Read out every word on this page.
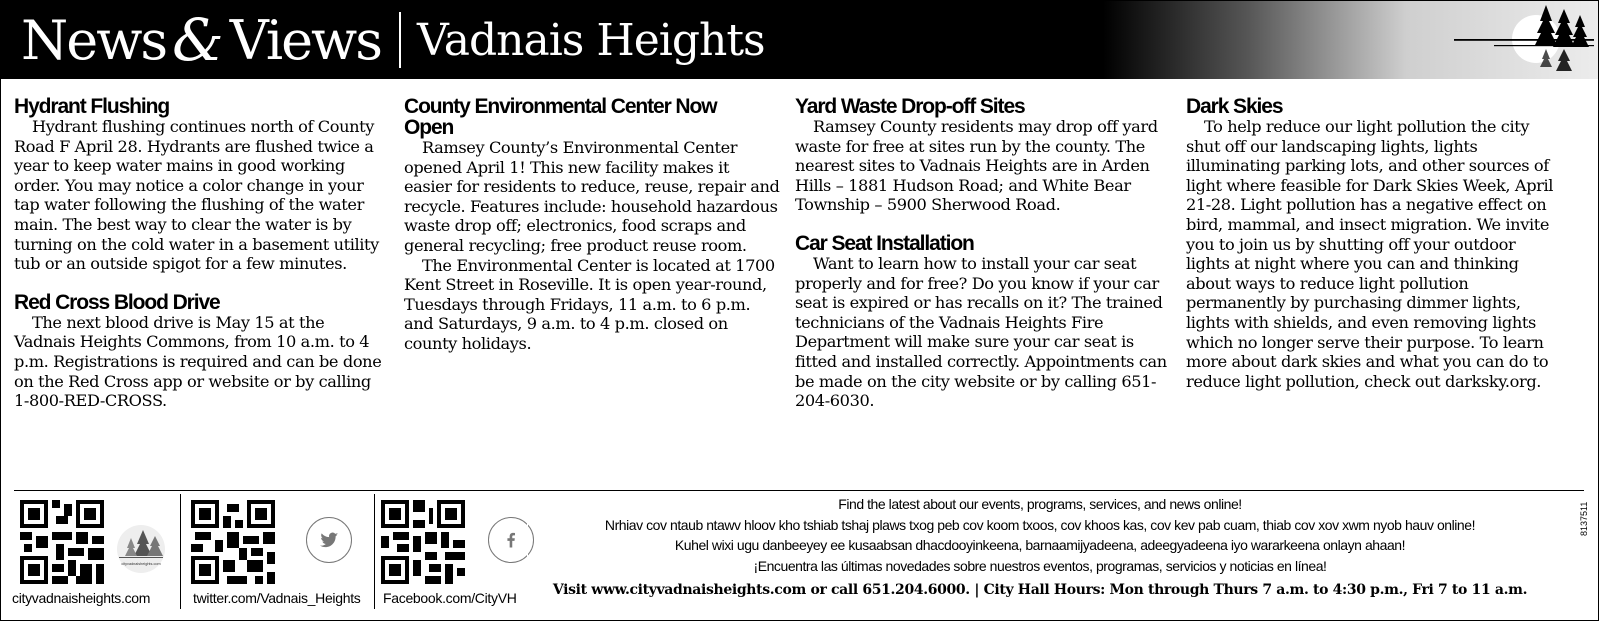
News & Views Vadnais Heights
Hydrant Flushing

Hydrant flushing continues north of County Road F April 28. Hydrants are flushed twice a year to keep water mains in good working order. You may notice a color change in your tap water following the flushing of the water main. The best way to clear the water is by turning on the cold water in a basement utility tub or an outside spigot for a few minutes.

Red Cross Blood Drive

The next blood drive is May 15 at the Vadnais Heights Commons, from 10 a.m. to 4 p.m. Registrations is required and can be done on the Red Cross app or website or by calling 1-800-RED-CROSS.

County Environmental Center Now Open

Ramsey County’s Environmental Center opened April 1! This new facility makes it easier for residents to reduce, reuse, repair and recycle. Features include: household hazardous waste drop off; electronics, food scraps and general recycling; free product reuse room.

The Environmental Center is located at 1700 Kent Street in Roseville. It is open year-round, Tuesdays through Fridays, 11 a.m. to 6 p.m. and Saturdays, 9 a.m. to 4 p.m. closed on county holidays.

Yard Waste Drop-off Sites

Ramsey County residents may drop off yard waste for free at sites run by the county. The nearest sites to Vadnais Heights are in Arden Hills – 1881 Hudson Road; and White Bear Township – 5900 Sherwood Road.

Car Seat Installation

Want to learn how to install your car seat properly and for free? Do you know if your car seat is expired or has recalls on it? The trained technicians of the Vadnais Heights Fire Department will make sure your car seat is fitted and installed correctly. Appointments can be made on the city website or by calling 651-204-6030.

Dark Skies

To help reduce our light pollution the city shut off our landscaping lights, lights illuminating parking lots, and other sources of light where feasible for Dark Skies Week, April 21-28. Light pollution has a negative effect on bird, mammal, and insect migration. We invite you to join us by shutting off your outdoor lights at night where you can and thinking about ways to reduce light pollution permanently by purchasing dimmer lights, lights with shields, and even removing lights which no longer serve their purpose. To learn more about dark skies and what you can do to reduce light pollution, check out darksky.org.

cityvadnaisheights.com
cityvadnaisheights.com	twitter.com/Vadnais_Heights Facebook.com/CityVH
Find the latest about our events, programs, services, and news online!
Nrhiav cov ntaub ntawv hloov kho tshiab tshaj plaws txog peb cov koom txoos, cov khoos kas, cov kev pab cuam, thiab cov xov xwm nyob hauv online!
Kuhel wixi ugu danbeeyey ee kusaabsan dhacdooyinkeena, barnaamijyadeena, adeegyadeena iyo wararkeena onlayn ahaan!
¡Encuentra las últimas novedades sobre nuestros eventos, programas, servicios y noticias en línea!
Visit www.cityvadnaisheights.com or call 651.204.6000. | City Hall Hours: Mon through Thurs 7 a.m. to 4:30 p.m., Fri 7 to 11 a.m.
8137511
